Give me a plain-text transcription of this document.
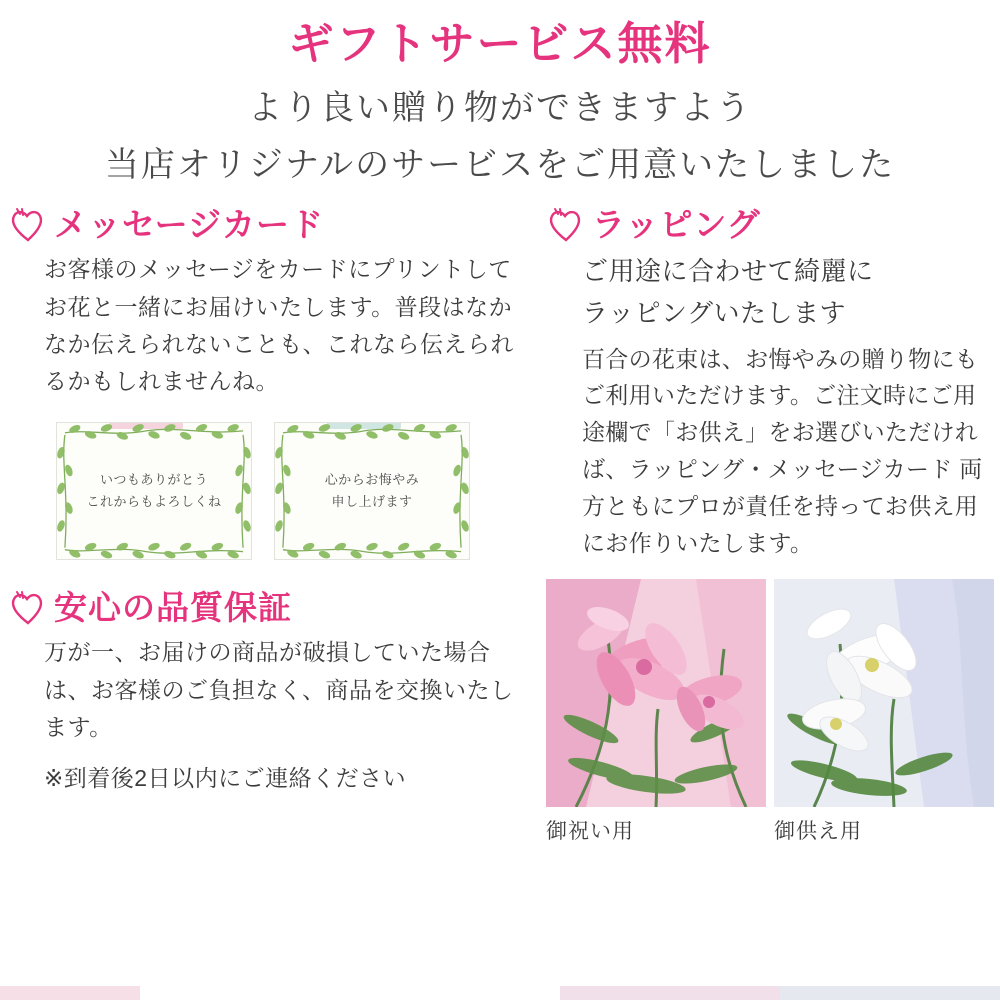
ギフトサービス無料
より良い贈り物ができますよう
当店オリジナルのサービスをご用意いたしました
メッセージカード

お客様のメッセージをカードにプリントしてお花と一緒にお届けいたします。普段はなかなか伝えられないことも、これなら伝えられるかもしれませんね。

いつもありがとう
これからもよろしくね
心からお悔やみ
申し上げます
安心の品質保証

万が一、お届けの商品が破損していた場合は、お客様のご負担なく、商品を交換いたします。

※到着後2日以内にご連絡ください
ラッピング
ご用途に合わせて綺麗に
ラッピングいたします

百合の花束は、お悔やみの贈り物にもご利用いただけます。ご注文時にご用途欄で「お供え」をお選びいただければ、ラッピング・メッセージカード 両方ともにプロが責任を持ってお供え用にお作りいたします。

御祝い用	御供え用
